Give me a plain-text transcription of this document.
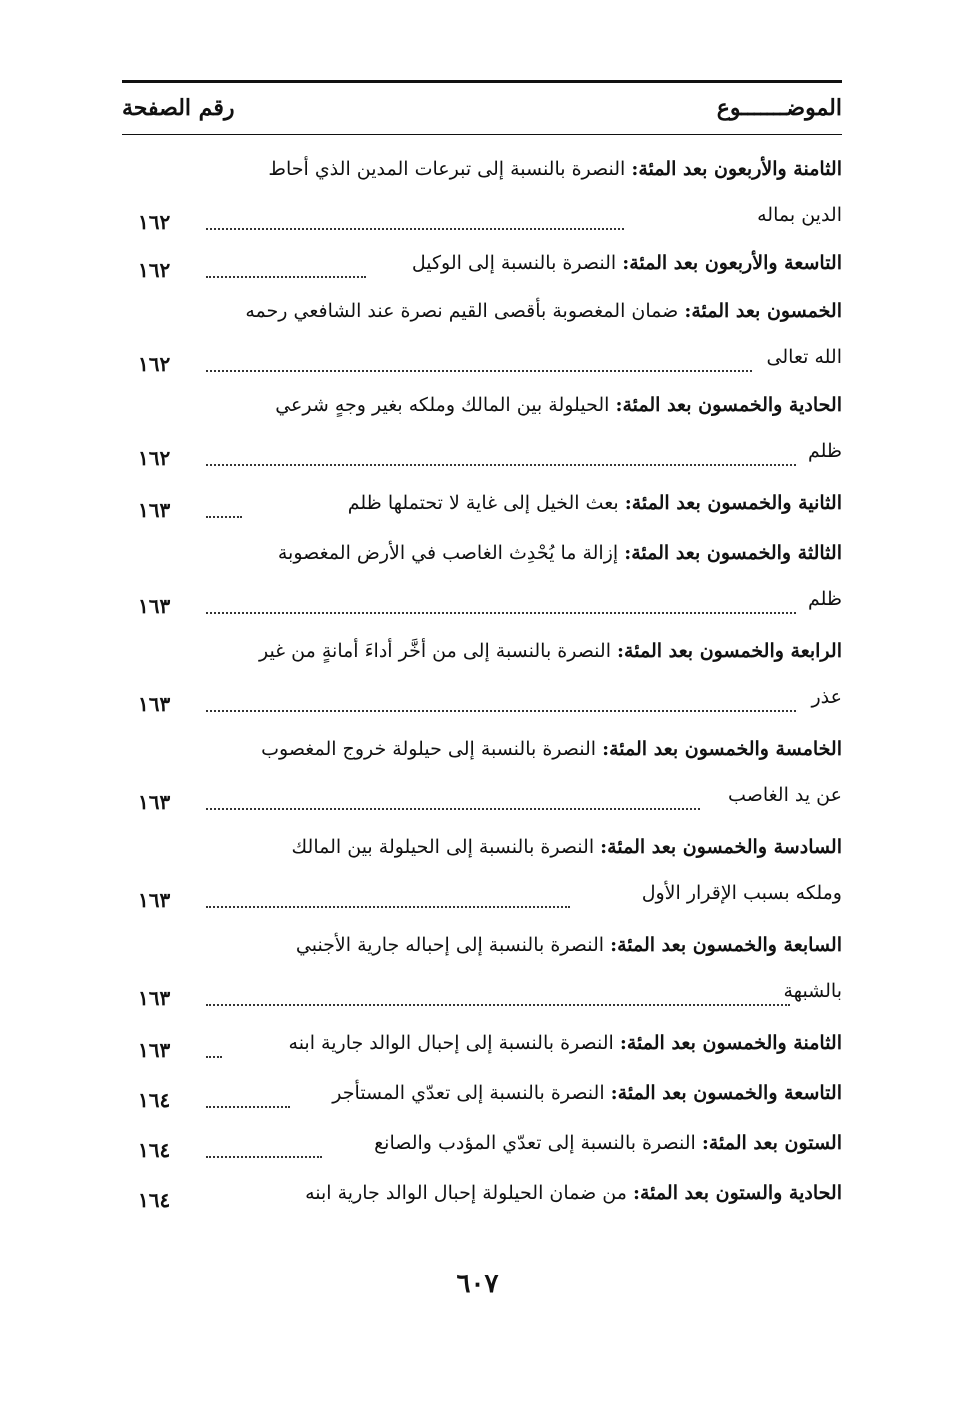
الموضـــــــوع
رقم الصفحة
الثامنة والأربعون بعد المئة: النصرة بالنسبة إلى تبرعات المدين الذي أحاط
الدين بماله
١٦٢
التاسعة والأربعون بعد المئة: النصرة بالنسبة إلى الوكيل
١٦٢
الخمسون بعد المئة: ضمان المغصوبة بأقصى القيم نصرة عند الشافعي رحمه
الله تعالى
١٦٢
الحادية والخمسون بعد المئة: الحيلولة بين المالك وملكه بغير وجهٍ شرعي
ظلم
١٦٢
الثانية والخمسون بعد المئة: بعث الخيل إلى غاية لا تحتملها ظلم
١٦٣
الثالثة والخمسون بعد المئة: إزالة ما يُحْدِث الغاصب في الأرض المغصوبة
ظلم
١٦٣
الرابعة والخمسون بعد المئة: النصرة بالنسبة إلى من أخَّر أداءَ أمانةٍ من غير
عذر
١٦٣
الخامسة والخمسون بعد المئة: النصرة بالنسبة إلى حيلولة خروج المغصوب
عن يد الغاصب
١٦٣
السادسة والخمسون بعد المئة: النصرة بالنسبة إلى الحيلولة بين المالك
وملكه بسبب الإقرار الأول
١٦٣
السابعة والخمسون بعد المئة: النصرة بالنسبة إلى إحباله جارية الأجنبي
بالشبهة
١٦٣
الثامنة والخمسون بعد المئة: النصرة بالنسبة إلى إحبال الوالد جارية ابنه
١٦٣
التاسعة والخمسون بعد المئة: النصرة بالنسبة إلى تعدّي المستأجر
١٦٤
الستون بعد المئة: النصرة بالنسبة إلى تعدّي المؤدب والصانع
١٦٤
الحادية والستون بعد المئة: من ضمان الحيلولة إحبال الوالد جارية ابنه
١٦٤
٦٠٧
